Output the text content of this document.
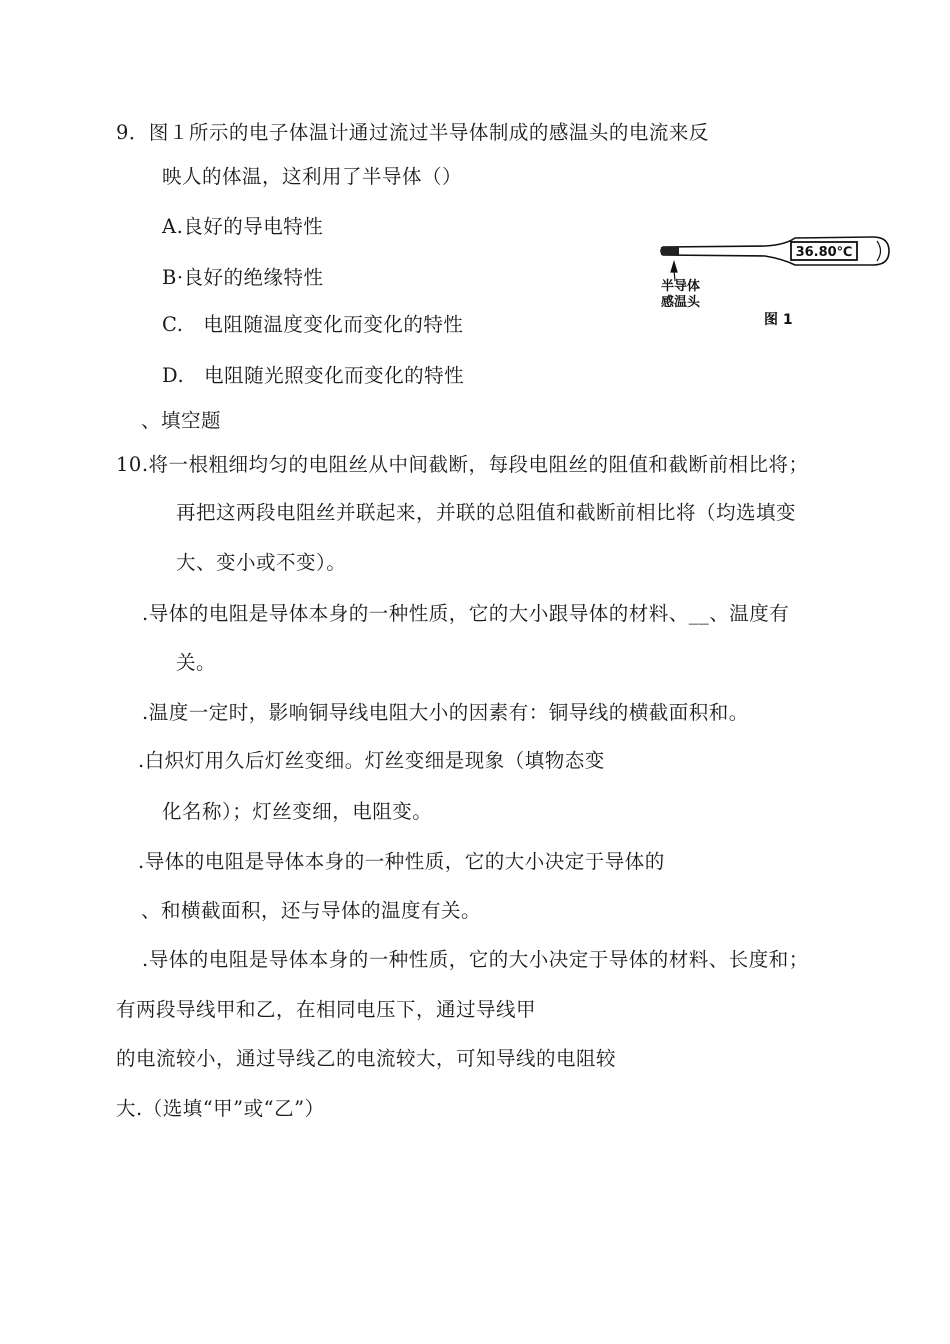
9．图１所示的电子体温计通过流过半导体制成的感温头的电流来反
映人的体温，这利用了半导体（）
A.良好的导电特性
B·良好的绝缘特性
C.　电阻随温度变化而变化的特性
D.　电阻随光照变化而变化的特性
36.80℃
半导体
感温头
图 1
、填空题
10.将一根粗细均匀的电阻丝从中间截断，每段电阻丝的阻值和截断前相比将；
再把这两段电阻丝并联起来，并联的总阻值和截断前相比将（均选填变
大、变小或不变）。
.导体的电阻是导体本身的一种性质，它的大小跟导体的材料、__、温度有
关。
.温度一定时，影响铜导线电阻大小的因素有：铜导线的横截面积和。
.白炽灯用久后灯丝变细。灯丝变细是现象（填物态变
化名称）；灯丝变细，电阻变。
.导体的电阻是导体本身的一种性质，它的大小决定于导体的
、和横截面积，还与导体的温度有关。
.导体的电阻是导体本身的一种性质，它的大小决定于导体的材料、长度和；
有两段导线甲和乙，在相同电压下，通过导线甲
的电流较小，通过导线乙的电流较大，可知导线的电阻较
大.（选填“甲”或“乙”）
